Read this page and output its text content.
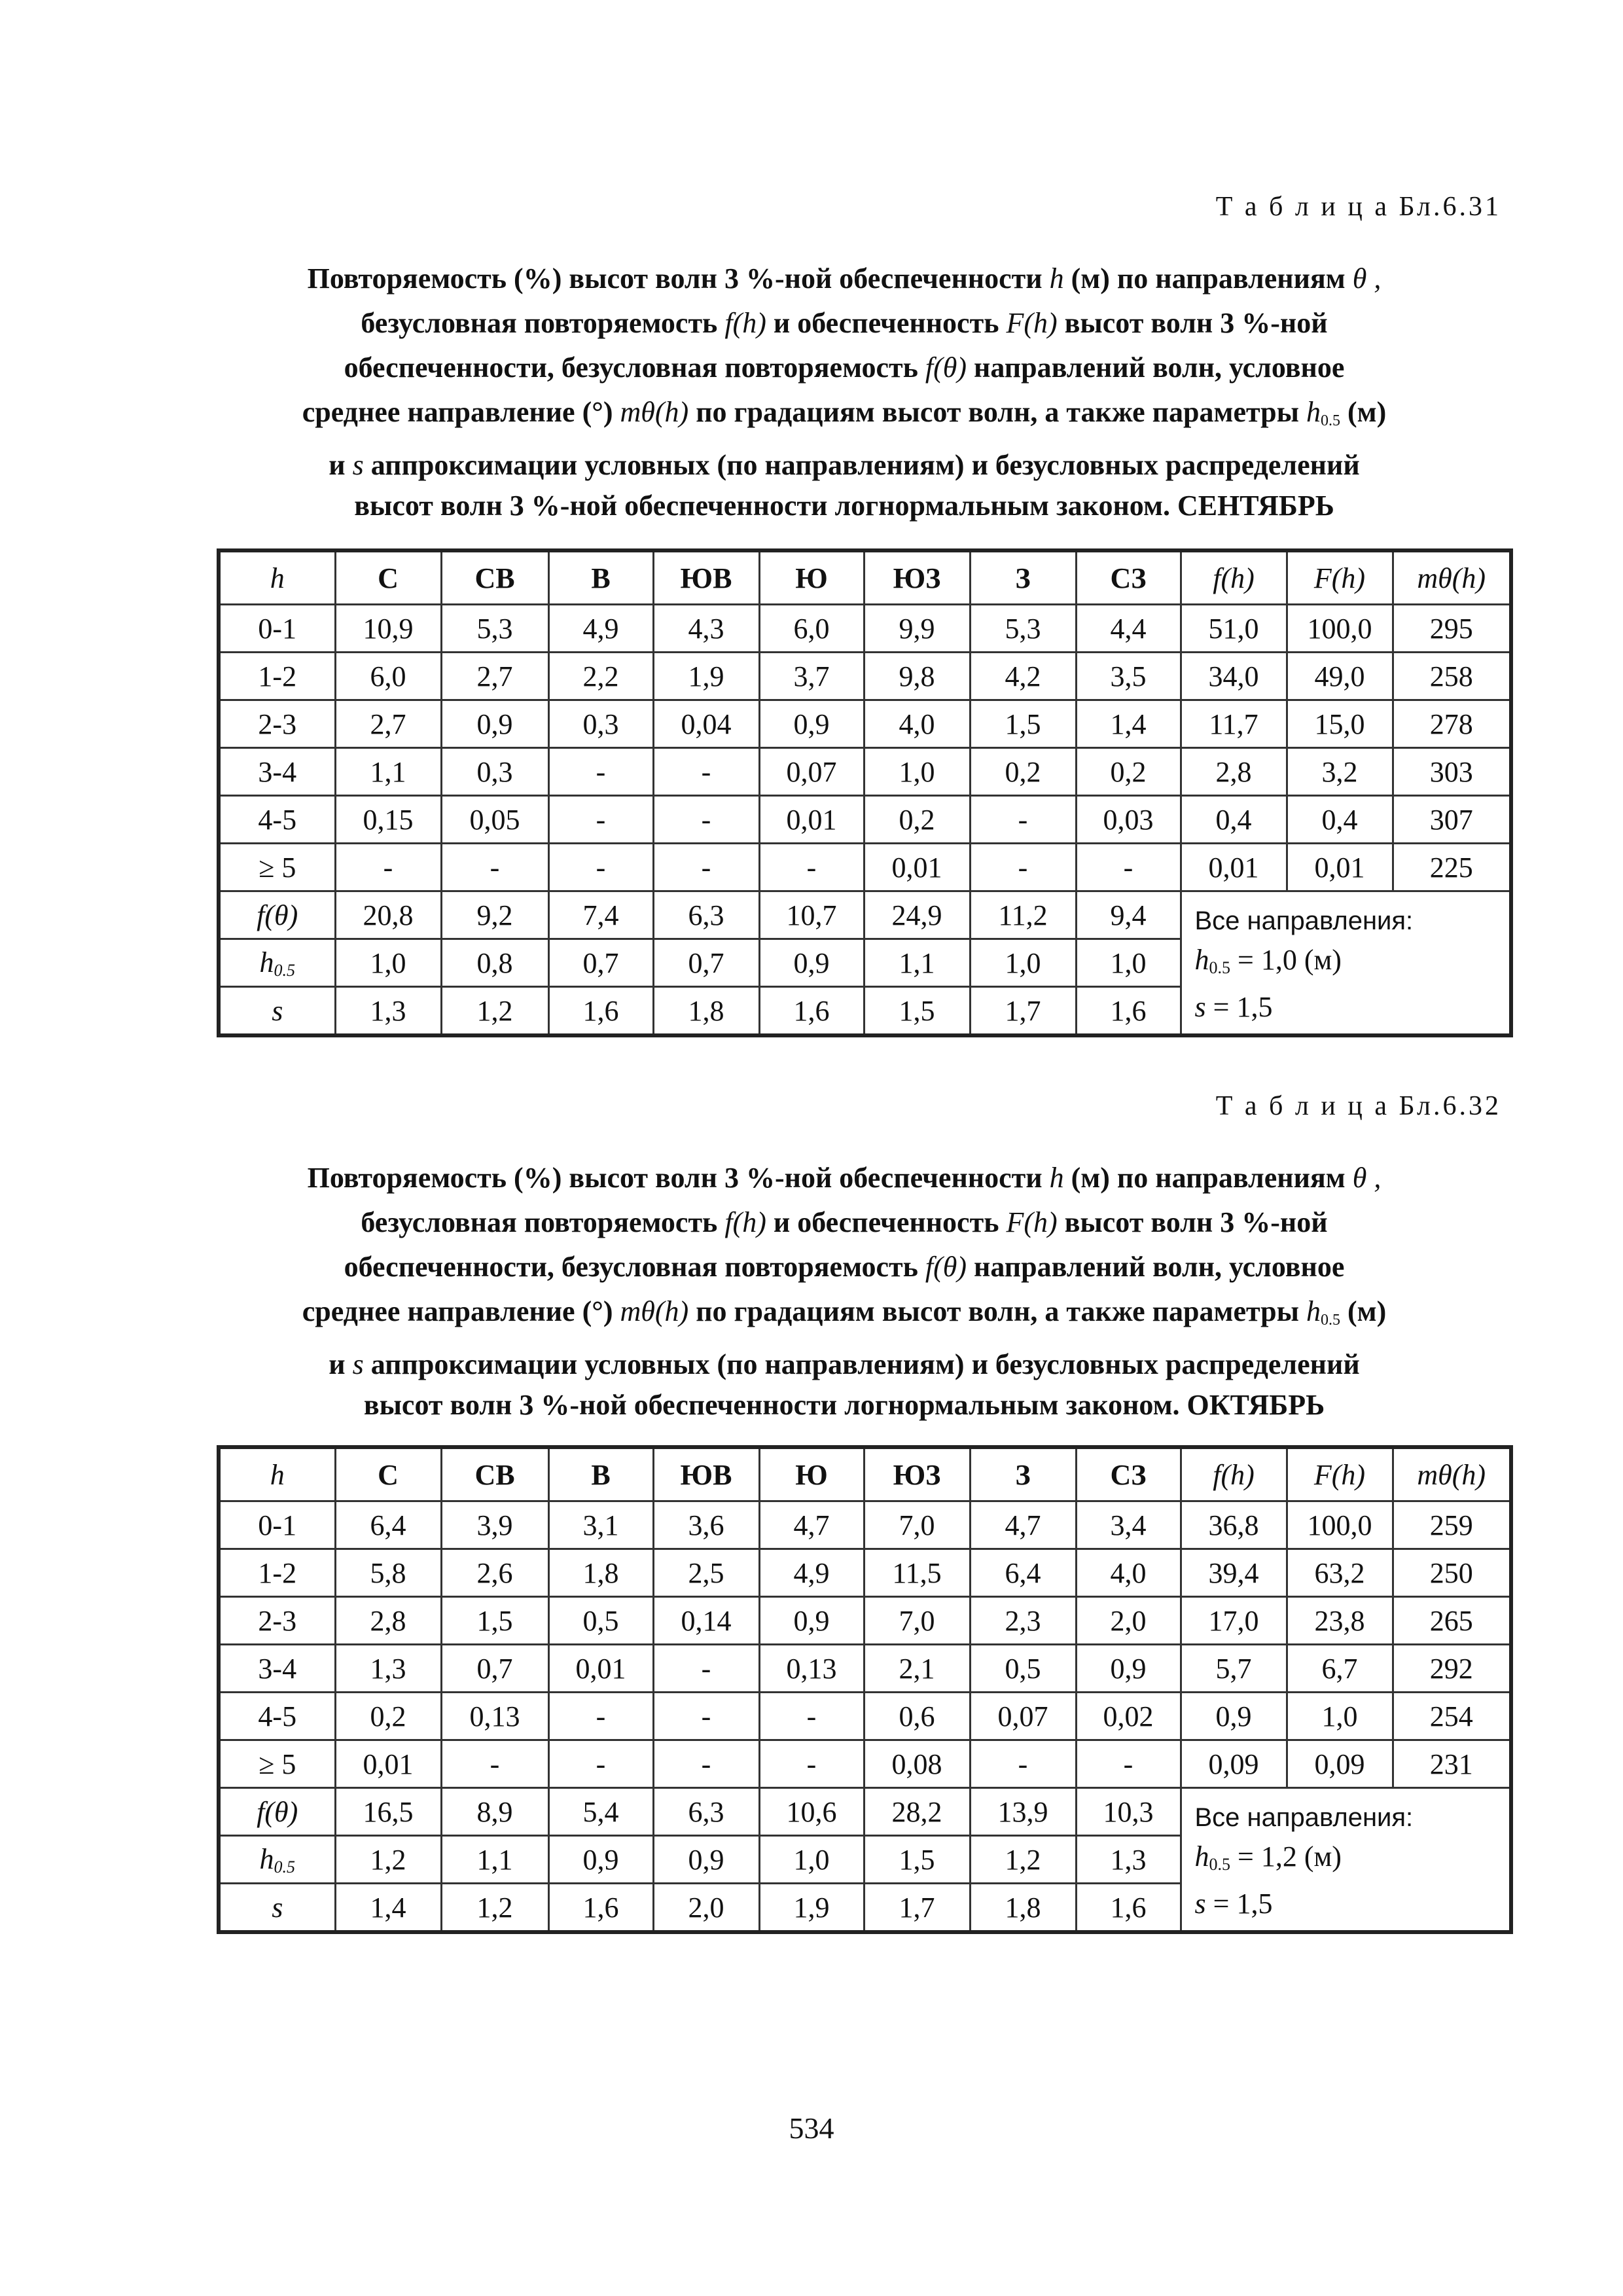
Т а б л и ц а Бл.6.31
Повторяемость (%) высот волн 3 %-ной обеспеченности h (м) по направлениям θ ,
безусловная повторяемость f(h) и обеспеченность F(h) высот волн 3 %-ной
обеспеченности, безусловная повторяемость f(θ) направлений волн, условное
среднее направление (°) mθ(h) по градациям высот волн, а также параметры $h_{0.5}$ (м)
и s аппроксимации условных (по направлениям) и безусловных распределений
высот волн 3 %-ной обеспеченности логнормальным законом. СЕНТЯБРЬ
h	С	СВ	В	ЮВ	Ю	ЮЗ	З	СЗ	f(h)	F(h)	mθ(h)
0-1	10,9	5,3	4,9	4,3	6,0	9,9	5,3	4,4	51,0	100,0	295
1-2	6,0	2,7	2,2	1,9	3,7	9,8	4,2	3,5	34,0	49,0	258
2-3	2,7	0,9	0,3	0,04	0,9	4,0	1,5	1,4	11,7	15,0	278
3-4	1,1	0,3	-	-	0,07	1,0	0,2	0,2	2,8	3,2	303
4-5	0,15	0,05	-	-	0,01	0,2	-	0,03	0,4	0,4	307
≥ 5	-	-	-	-	-	0,01	-	-	0,01	0,01	225
f(θ)	20,8	9,2	7,4	6,3	10,7	24,9	11,2	9,4	Все направления:
$h_{0.5} = 1,0$ (м)
s = 1,5		

$h_{0.5}$	1,0	0,8	0,7	0,7	0,9	1,1	1,0	1,0			
s	1,3	1,2	1,6	1,8	1,6	1,5	1,7	1,6			
Т а б л и ц а Бл.6.32
Повторяемость (%) высот волн 3 %-ной обеспеченности h (м) по направлениям θ ,
безусловная повторяемость f(h) и обеспеченность F(h) высот волн 3 %-ной
обеспеченности, безусловная повторяемость f(θ) направлений волн, условное
среднее направление (°) mθ(h) по градациям высот волн, а также параметры $h_{0.5}$ (м)
и s аппроксимации условных (по направлениям) и безусловных распределений
высот волн 3 %-ной обеспеченности логнормальным законом. ОКТЯБРЬ
h	С	СВ	В	ЮВ	Ю	ЮЗ	З	СЗ	f(h)	F(h)	mθ(h)
0-1	6,4	3,9	3,1	3,6	4,7	7,0	4,7	3,4	36,8	100,0	259
1-2	5,8	2,6	1,8	2,5	4,9	11,5	6,4	4,0	39,4	63,2	250
2-3	2,8	1,5	0,5	0,14	0,9	7,0	2,3	2,0	17,0	23,8	265
3-4	1,3	0,7	0,01	-	0,13	2,1	0,5	0,9	5,7	6,7	292
4-5	0,2	0,13	-	-	-	0,6	0,07	0,02	0,9	1,0	254
≥ 5	0,01	-	-	-	-	0,08	-	-	0,09	0,09	231
f(θ)	16,5	8,9	5,4	6,3	10,6	28,2	13,9	10,3	Все направления:
$h_{0.5} = 1,2$ (м)
s = 1,5		

$h_{0.5}$	1,2	1,1	0,9	0,9	1,0	1,5	1,2	1,3			
s	1,4	1,2	1,6	2,0	1,9	1,7	1,8	1,6			
534
